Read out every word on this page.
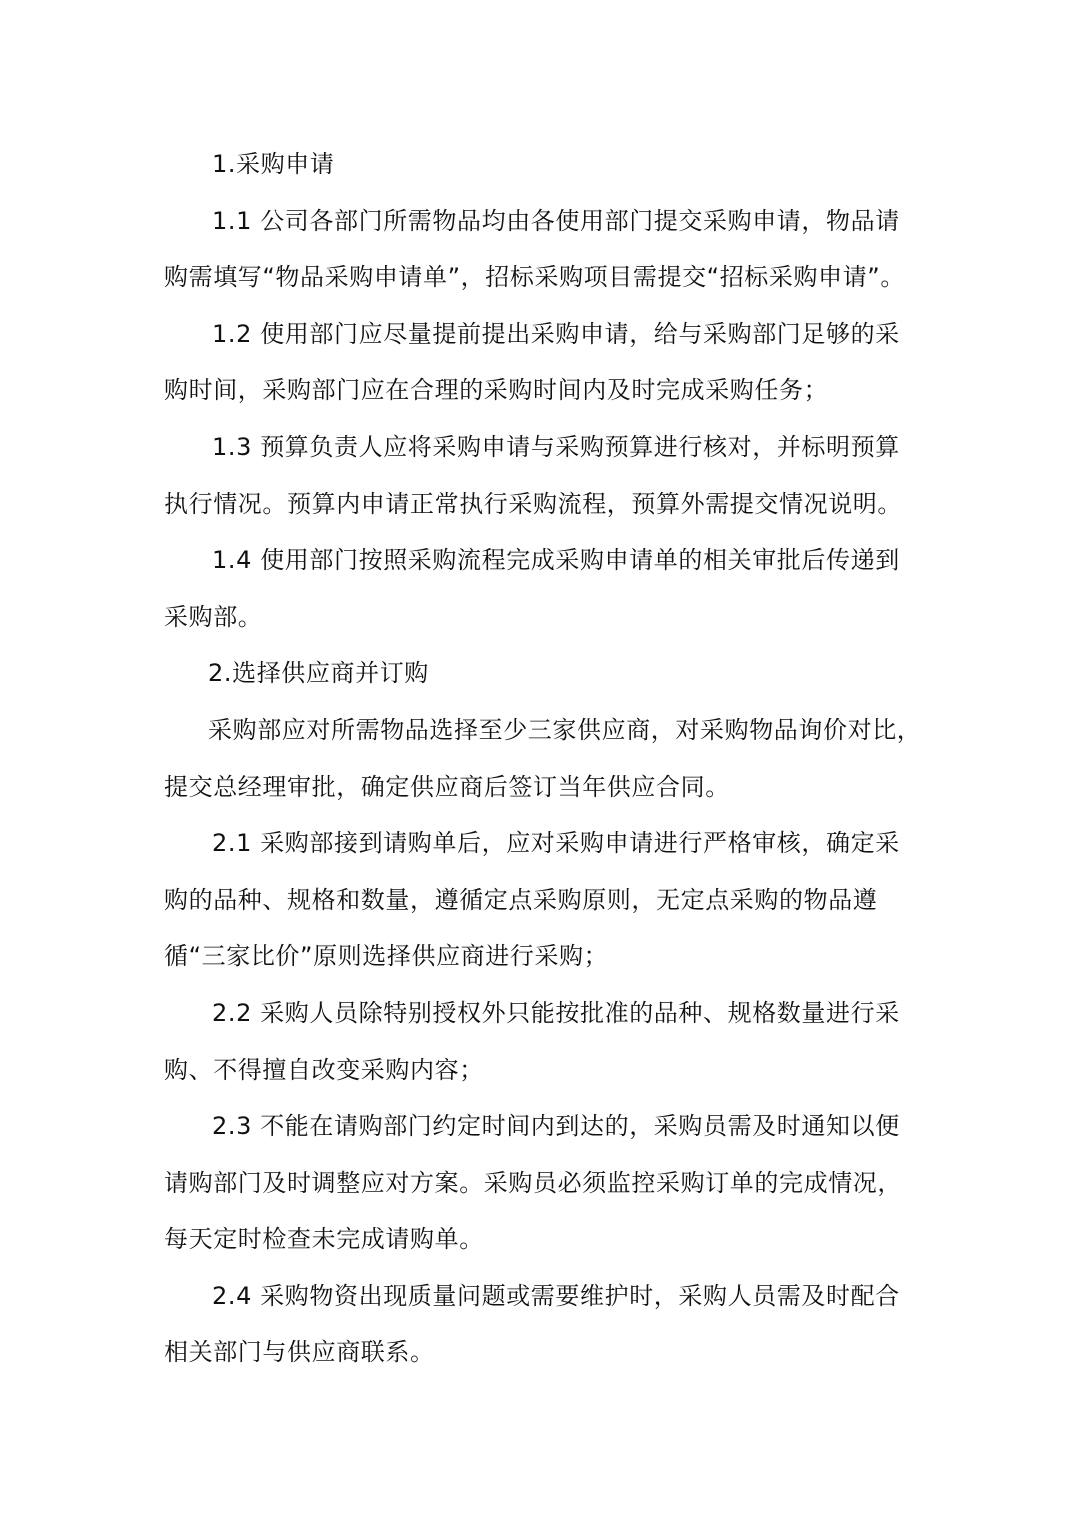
1.采购申请

1.1 公司各部门所需物品均由各使用部门提交采购申请，物品请购需填写“物品采购申请单”，招标采购项目需提交“招标采购申请”。

1.2 使用部门应尽量提前提出采购申请，给与采购部门足够的采购时间，采购部门应在合理的采购时间内及时完成采购任务；

1.3 预算负责人应将采购申请与采购预算进行核对，并标明预算执行情况。预算内申请正常执行采购流程，预算外需提交情况说明。

1.4 使用部门按照采购流程完成采购申请单的相关审批后传递到采购部。

2.选择供应商并订购

采购部应对所需物品选择至少三家供应商，对采购物品询价对比，提交总经理审批，确定供应商后签订当年供应合同。

2.1 采购部接到请购单后，应对采购申请进行严格审核，确定采购的品种、规格和数量，遵循定点采购原则，无定点采购的物品遵循“三家比价”原则选择供应商进行采购；

2.2 采购人员除特别授权外只能按批准的品种、规格数量进行采购、不得擅自改变采购内容；

2.3 不能在请购部门约定时间内到达的，采购员需及时通知以便请购部门及时调整应对方案。采购员必须监控采购订单的完成情况，每天定时检查未完成请购单。

2.4 采购物资出现质量问题或需要维护时，采购人员需及时配合相关部门与供应商联系。
